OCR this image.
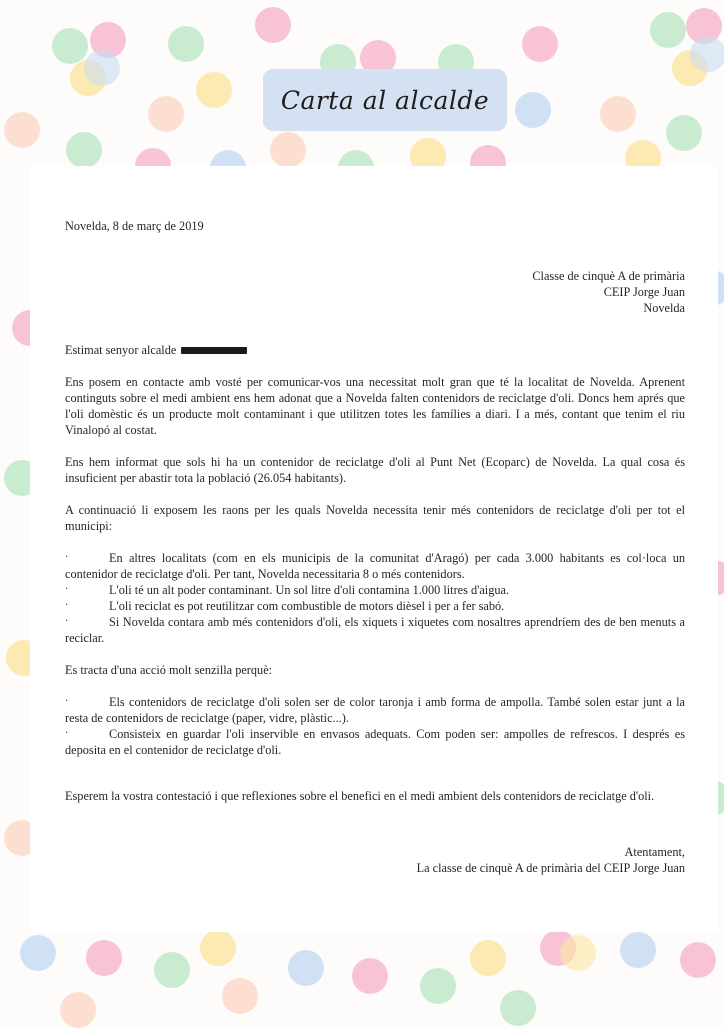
Carta al alcalde

Novelda, 8 de març de 2019

Classe de cinquè A de primària
CEIP Jorge Juan
Novelda

Estimat senyor alcalde

Ens posem en contacte amb vosté per comunicar-vos una necessitat molt gran que té la localitat de Novelda. Aprenent continguts sobre el medi ambient ens hem adonat que a Novelda falten contenidors de reciclatge d'oli. Doncs hem aprés que l'oli domèstic és un producte molt contaminant i que utilitzen totes les famílies a diari. I a més, contant que tenim el riu Vinalopó al costat.

Ens hem informat que sols hi ha un contenidor de reciclatge d'oli al Punt Net (Ecoparc) de Novelda. La qual cosa és insuficient per abastir tota la població (26.054 habitants).

A continuació li exposem les raons per les quals Novelda necessita tenir més contenidors de reciclatge d'oli per tot el municipi:

·	En altres localitats (com en els municipis de la comunitat d'Aragó) per cada 3.000 habitants es col·loca un contenidor de reciclatge d'oli. Per tant, Novelda necessitaria 8 o més contenidors.

·	L'oli té un alt poder contaminant. Un sol litre d'oli contamina 1.000 litres d'aigua.

·	L'oli reciclat es pot reutilitzar com combustible de motors dièsel i per a fer sabó.

·	Si Novelda contara amb més contenidors d'oli, els xiquets i xiquetes com nosaltres aprendríem des de ben menuts a reciclar.

Es tracta d'una acció molt senzilla perquè:

·	Els contenidors de reciclatge d'oli solen ser de color taronja i amb forma de ampolla. També solen estar junt a la resta de contenidors de reciclatge (paper, vidre, plàstic...).

·	Consisteix en guardar l'oli inservible en envasos adequats. Com poden ser: ampolles de refrescos. I després es deposita en el contenidor de reciclatge d'oli.

Esperem la vostra contestació i que reflexiones sobre el benefici en el medi ambient dels contenidors de reciclatge d'oli.

Atentament,
La classe de cinquè A de primària del CEIP Jorge Juan
